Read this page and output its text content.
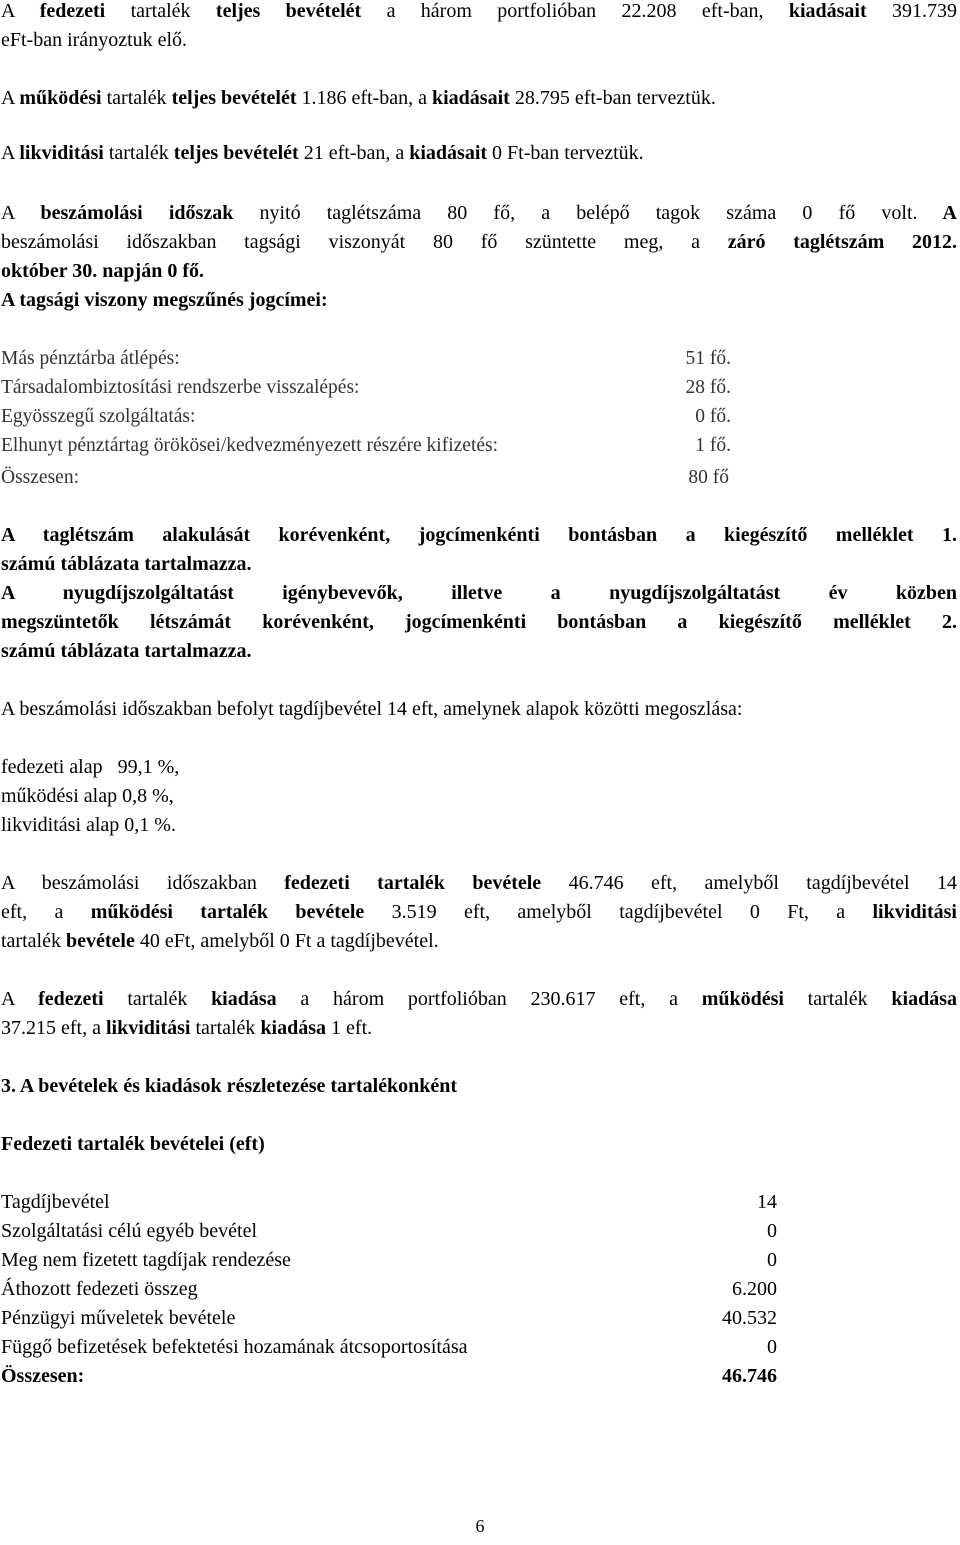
A fedezeti tartalék teljes bevételét a három portfolióban 22.208 eft-ban, kiadásait 391.739

eFt-ban irányoztuk elő.

A működési tartalék teljes bevételét 1.186 eft-ban, a kiadásait 28.795 eft-ban terveztük.

A likviditási tartalék teljes bevételét 21 eft-ban, a kiadásait 0 Ft-ban terveztük.

A beszámolási időszak nyitó taglétszáma 80 fő, a belépő tagok száma 0 fő volt. A

beszámolási időszakban tagsági viszonyát 80 fő szüntette meg, a záró taglétszám 2012.

október 30. napján 0 fő.

A tagsági viszony megszűnés jogcímei:

Más pénztárba átlépés:	51 fő.
Társadalombiztosítási rendszerbe visszalépés:	28 fő.
Egyösszegű szolgáltatás:	0 fő.
Elhunyt pénztártag örökösei/kedvezményezett részére kifizetés:	1 fő.
Összesen:	80 fő

A taglétszám alakulását korévenként, jogcímenkénti bontásban a kiegészítő melléklet 1.

számú táblázata tartalmazza.

A nyugdíjszolgáltatást igénybevevők, illetve a nyugdíjszolgáltatást év közben

megszüntetők létszámát korévenként, jogcímenkénti bontásban a kiegészítő melléklet 2.

számú táblázata tartalmazza.

A beszámolási időszakban befolyt tagdíjbevétel 14 eft, amelynek alapok közötti megoszlása:

fedezeti alap   99,1 %,

működési alap 0,8 %,

likviditási alap 0,1 %.

A beszámolási időszakban fedezeti tartalék bevétele 46.746 eft, amelyből tagdíjbevétel 14

eft, a működési tartalék bevétele 3.519 eft, amelyből tagdíjbevétel 0 Ft, a likviditási

tartalék bevétele 40 eFt, amelyből 0 Ft a tagdíjbevétel.

A fedezeti tartalék kiadása a három portfolióban 230.617 eft, a működési tartalék kiadása

37.215 eft, a likviditási tartalék kiadása 1 eft.

3. A bevételek és kiadások részletezése tartalékonként

Fedezeti tartalék bevételei (eft)

Tagdíjbevétel	14
Szolgáltatási célú egyéb bevétel	0
Meg nem fizetett tagdíjak rendezése	0
Áthozott fedezeti összeg	6.200
Pénzügyi műveletek bevétele	40.532
Függő befizetések befektetési hozamának átcsoportosítása	0
Összesen:	46.746
6
